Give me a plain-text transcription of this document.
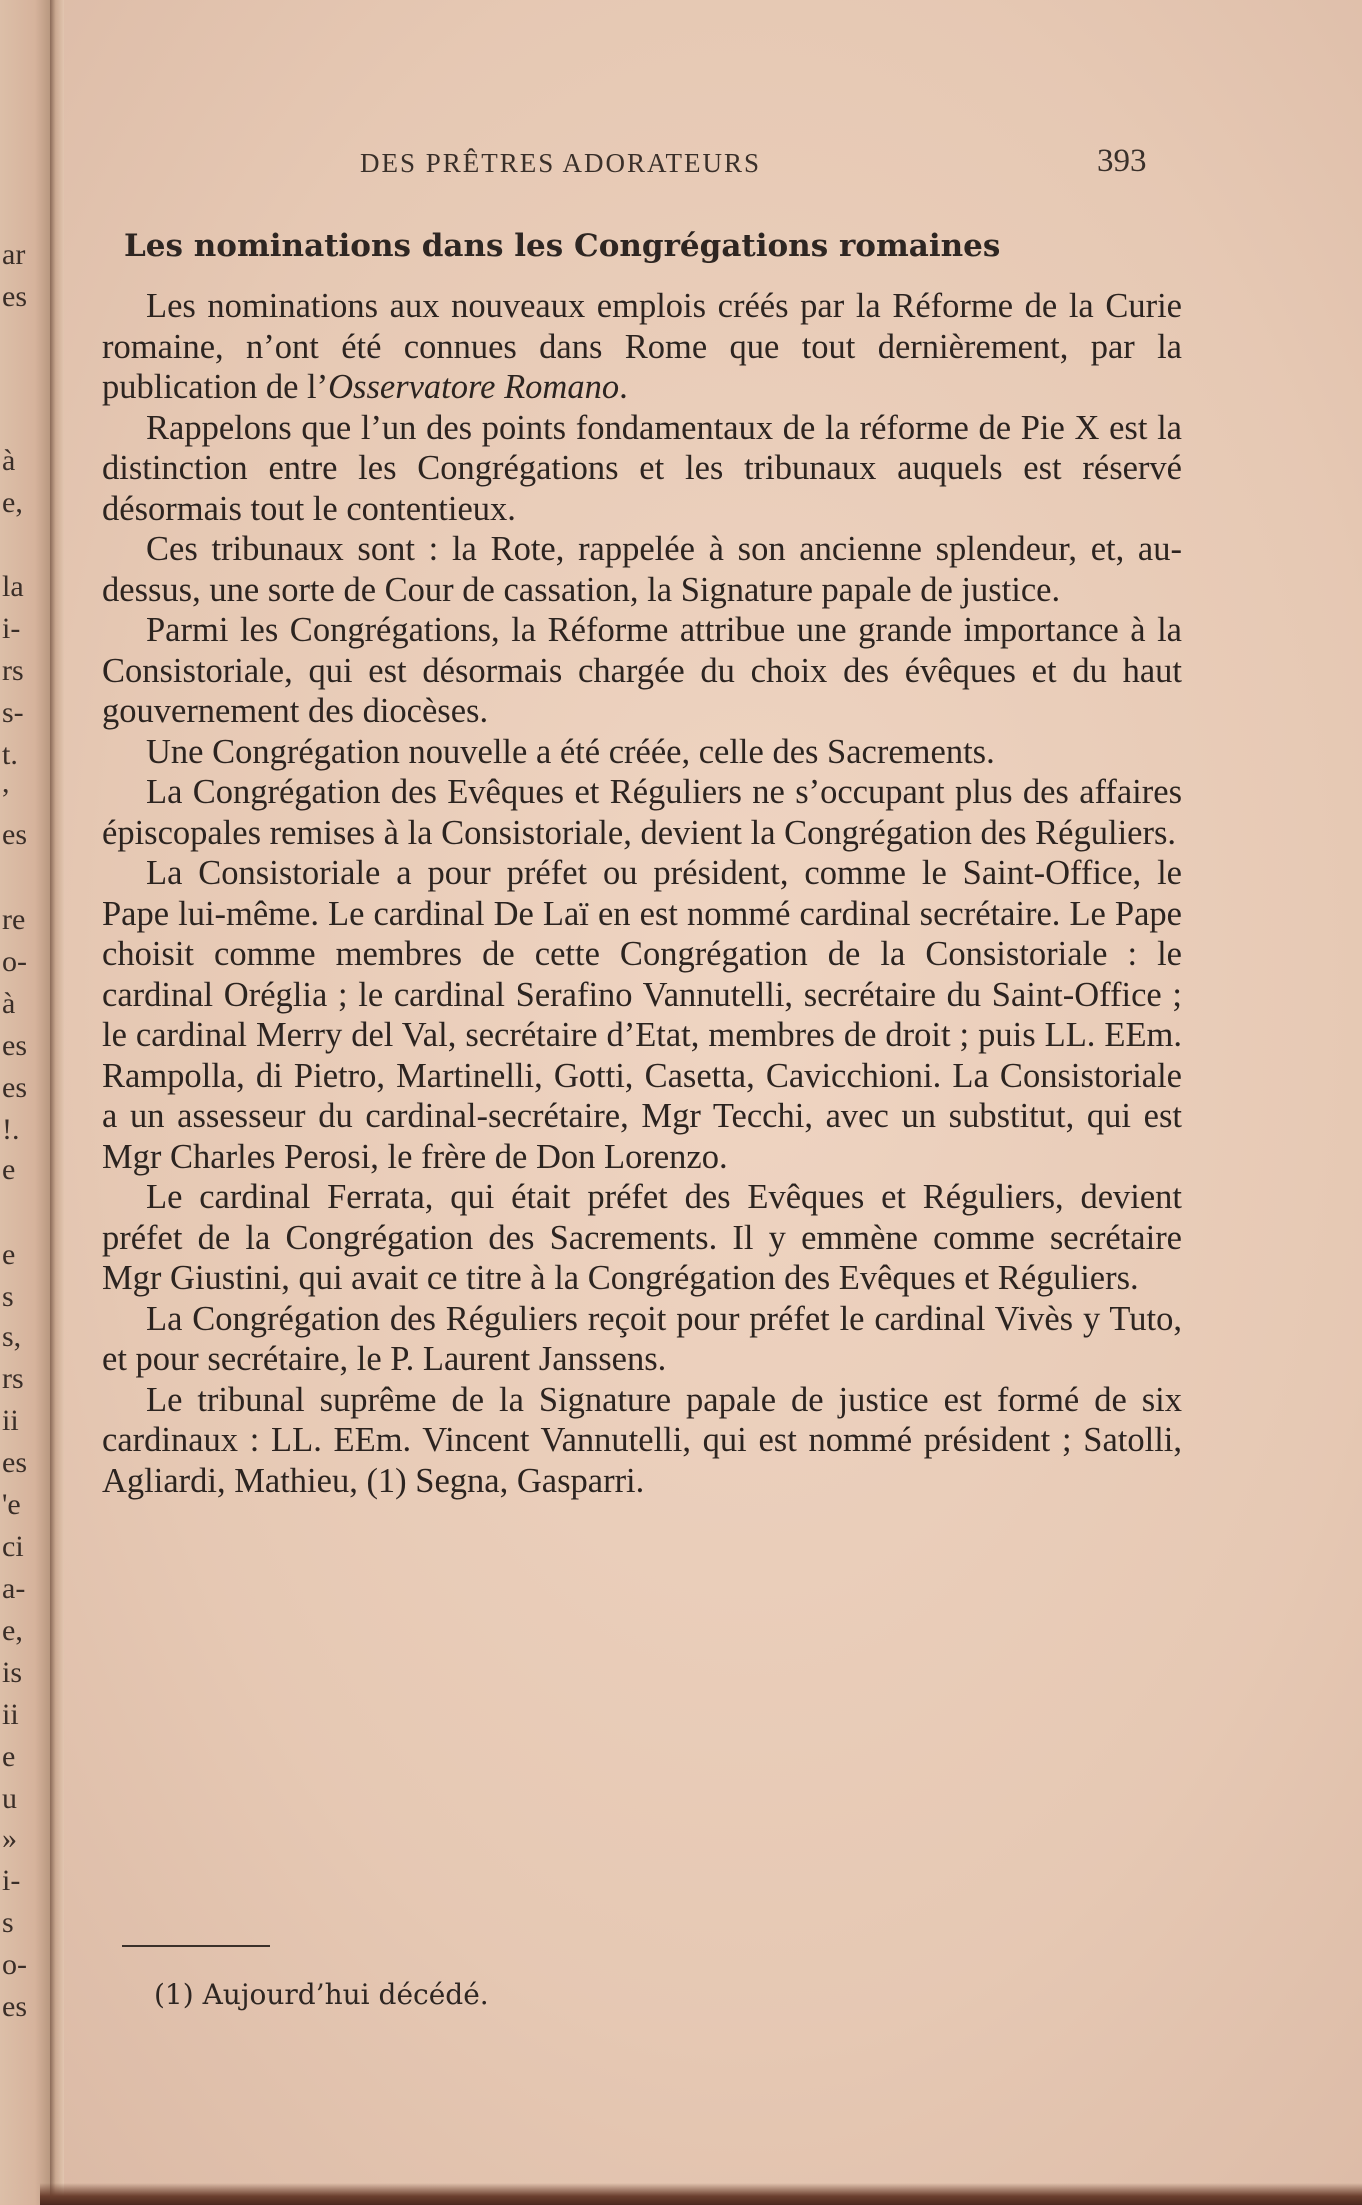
ar
es
à
e,
la
i-
rs
s-
t.
,
es
re
o-
à
es
es
!.
e
e
s
s,
rs
ii
es
'e
ci
a-
e,
is
ii
e
u
»
i-
s
o-
es
DES PRÊTRES ADORATEURS	393
Les nominations dans les Congrégations romaines

Les nominations aux nouveaux emplois créés par la Réforme de la Curie romaine, n’ont été connues dans Rome que tout dernièrement, par la publication de l’Osservatore Romano.

Rappelons que l’un des points fondamentaux de la réforme de Pie X est la distinction entre les Congrégations et les tribunaux auquels est réservé désormais tout le contentieux.

Ces tribunaux sont : la Rote, rappelée à son ancienne splendeur, et, au-dessus, une sorte de Cour de cassation, la Signature papale de justice.

Parmi les Congrégations, la Réforme attribue une grande importance à la Consistoriale, qui est désormais chargée du choix des évêques et du haut gouvernement des diocèses.

Une Congrégation nouvelle a été créée, celle des Sacrements.

La Congrégation des Evêques et Réguliers ne s’occupant plus des affaires épiscopales remises à la Consistoriale, devient la Congrégation des Réguliers.

La Consistoriale a pour préfet ou président, comme le Saint-Office, le Pape lui-même. Le cardinal De Laï en est nommé cardinal secrétaire. Le Pape choisit comme membres de cette Congrégation de la Consistoriale : le cardinal Oréglia ; le cardinal Serafino Vannutelli, secrétaire du Saint-Office ; le cardinal Merry del Val, secrétaire d’Etat, membres de droit ; puis LL. EEm. Rampolla, di Pietro, Martinelli, Gotti, Casetta, Cavicchioni. La Consistoriale a un assesseur du cardinal-secrétaire, Mgr Tecchi, avec un substitut, qui est Mgr Charles Perosi, le frère de Don Lorenzo.

Le cardinal Ferrata, qui était préfet des Evêques et Réguliers, devient préfet de la Congrégation des Sacrements. Il y emmène comme secrétaire Mgr Giustini, qui avait ce titre à la Congrégation des Evêques et Réguliers.

La Congrégation des Réguliers reçoit pour préfet le cardinal Vivès y Tuto, et pour secrétaire, le P. Laurent Janssens.

Le tribunal suprême de la Signature papale de justice est formé de six cardinaux : LL. EEm. Vincent Vannutelli, qui est nommé président ; Satolli, Agliardi, Mathieu, (1) Segna, Gasparri.

(1) Aujourd’hui décédé.
